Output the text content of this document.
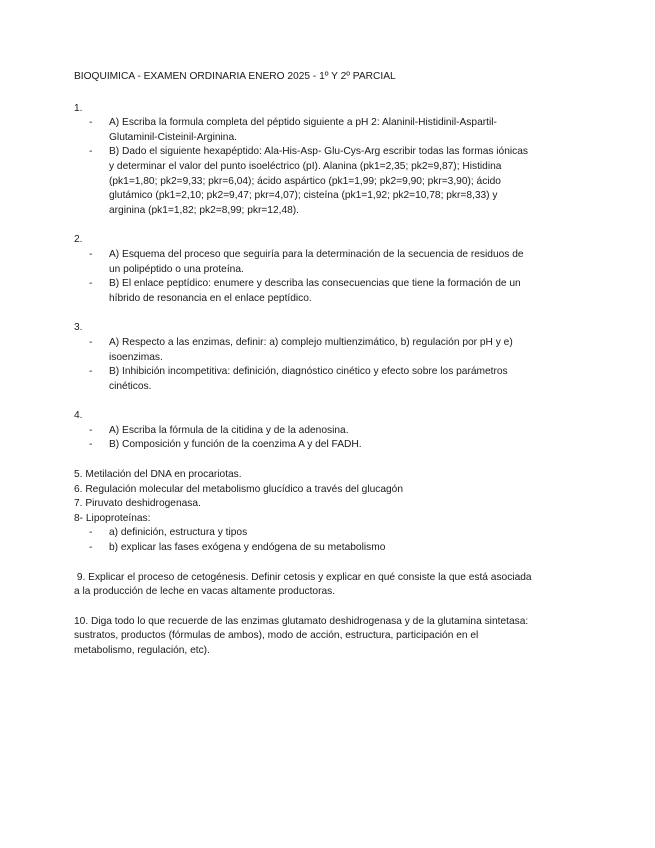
BIOQUIMICA - EXAMEN ORDINARIA ENERO 2025 - 1º Y 2º PARCIAL

1.

- A) Escriba la formula completa del péptido siguiente a pH 2: Alaninil-Histidinil-Aspartil-Glutaminil-Cisteinil-Arginina.
- B) Dado el siguiente hexapéptido: Ala-His-Asp- Glu-Cys-Arg escribir todas las formas iónicas y determinar el valor del punto isoeléctrico (pI). Alanina (pk1=2,35; pk2=9,87); Histidina (pk1=1,80; pk2=9,33; pkr=6,04); ácido aspártico (pk1=1,99; pk2=9,90; pkr=3,90); ácido glutámico (pk1=2,10; pk2=9,47; pkr=4,07); cisteína (pk1=1,92; pk2=10,78; pkr=8,33) y arginina (pk1=1,82; pk2=8,99; pkr=12,48).

2.

- A) Esquema del proceso que seguiría para la determinación de la secuencia de residuos de un polipéptido o una proteína.
- B) El enlace peptídico: enumere y describa las consecuencias que tiene la formación de un híbrido de resonancia en el enlace peptídico.

3.

- A) Respecto a las enzimas, definir: a) complejo multienzimático, b) regulación por pH y e) isoenzimas.
- B) Inhibición incompetitiva: definición, diagnóstico cinético y efecto sobre los parámetros cinéticos.

4.

- A) Escriba la fórmula de la citidina y de la adenosina.
- B) Composición y función de la coenzima A y del FADH.

5. Metilación del DNA en procariotas.

6. Regulación molecular del metabolismo glucídico a través del glucagón

7. Piruvato deshidrogenasa.

8- Lipoproteínas:

- a) definición, estructura y tipos
- b) explicar las fases exógena y endógena de su metabolismo

9. Explicar el proceso de cetogénesis. Definir cetosis y explicar en qué consiste la que está asociada a la producción de leche en vacas altamente productoras.

10. Diga todo lo que recuerde de las enzimas glutamato deshidrogenasa y de la glutamina sintetasa: sustratos, productos (fórmulas de ambos), modo de acción, estructura, participación en el metabolismo, regulación, etc).
